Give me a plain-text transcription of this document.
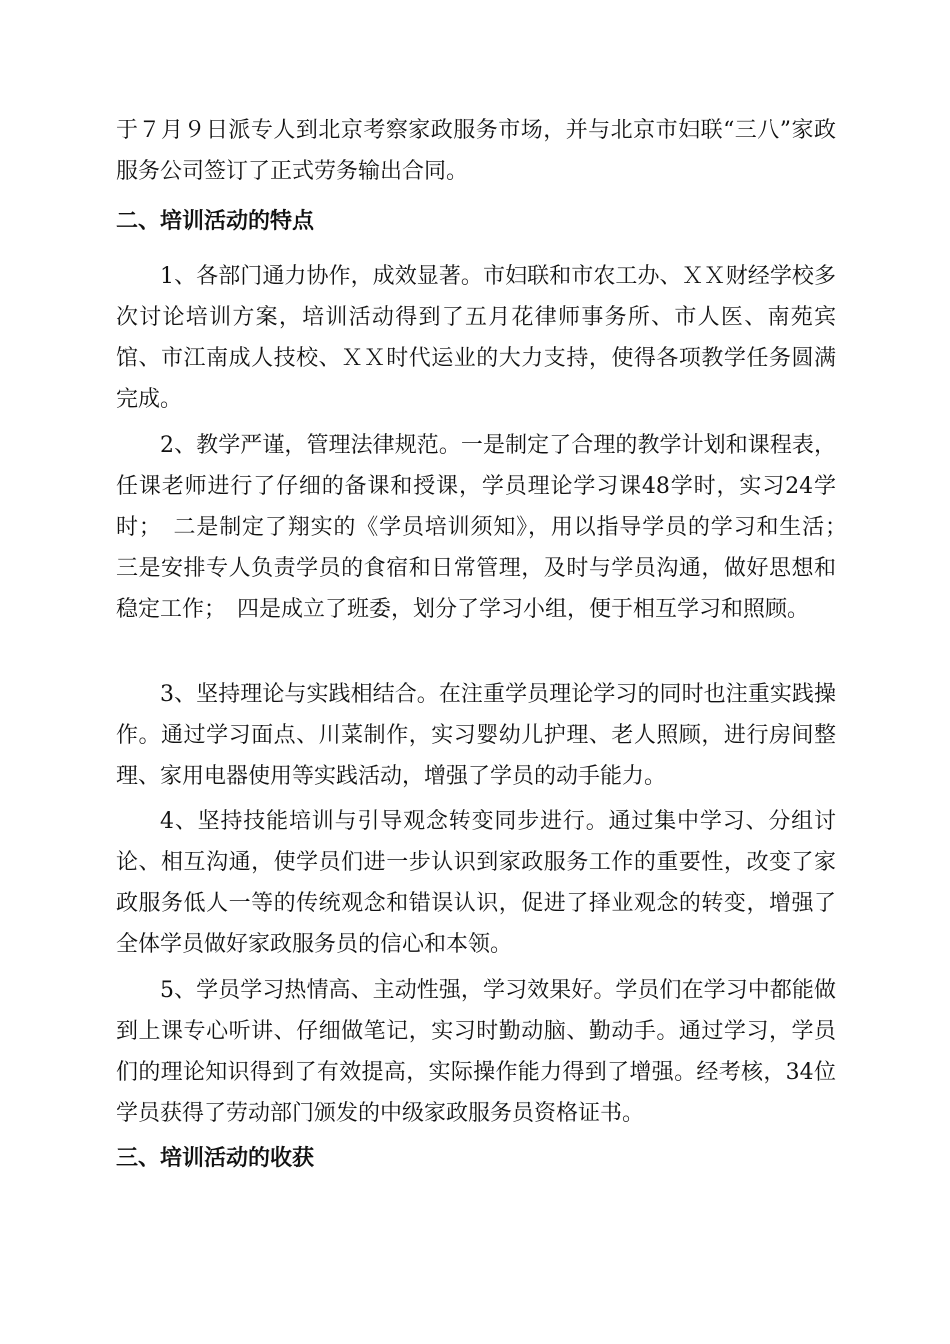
于７月９日派专人到北京考察家政服务市场，并与北京市妇联“三八”家政服务公司签订了正式劳务输出合同。

二、培训活动的特点

1、各部门通力协作，成效显著。市妇联和市农工办、ＸＸ财经学校多次讨论培训方案，培训活动得到了五月花律师事务所、市人医、南苑宾馆、市江南成人技校、ＸＸ时代运业的大力支持，使得各项教学任务圆满完成。

2、教学严谨，管理法律规范。一是制定了合理的教学计划和课程表，任课老师进行了仔细的备课和授课，学员理论学习课48学时，实习24学时；　二是制定了翔实的《学员培训须知》，用以指导学员的学习和生活；　三是安排专人负责学员的食宿和日常管理，及时与学员沟通，做好思想和稳定工作；　四是成立了班委，划分了学习小组，便于相互学习和照顾。

3、坚持理论与实践相结合。在注重学员理论学习的同时也注重实践操作。通过学习面点、川菜制作，实习婴幼儿护理、老人照顾，进行房间整理、家用电器使用等实践活动，增强了学员的动手能力。

4、坚持技能培训与引导观念转变同步进行。通过集中学习、分组讨论、相互沟通，使学员们进一步认识到家政服务工作的重要性，改变了家政服务低人一等的传统观念和错误认识，促进了择业观念的转变，增强了全体学员做好家政服务员的信心和本领。

5、学员学习热情高、主动性强，学习效果好。学员们在学习中都能做到上课专心听讲、仔细做笔记，实习时勤动脑、勤动手。通过学习，学员们的理论知识得到了有效提高，实际操作能力得到了增强。经考核，34位学员获得了劳动部门颁发的中级家政服务员资格证书。

三、培训活动的收获
